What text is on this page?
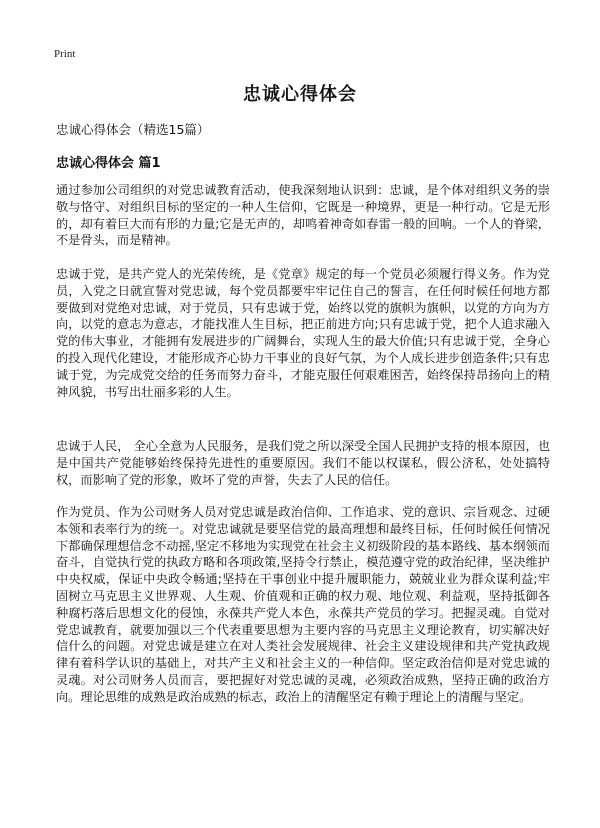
Print
忠诚心得体会
忠诚心得体会（精选15篇）
忠诚心得体会 篇1

通过参加公司组织的对党忠诚教育活动，使我深刻地认识到：忠诚，是个体对组织义务的崇敬与恪守、对组织目标的坚定的一种人生信仰，它既是一种境界，更是一种行动。它是无形的，却有着巨大而有形的力量;它是无声的，却鸣着神奇如春雷一般的回响。一个人的脊梁，不是骨头，而是精神。

忠诚于党，是共产党人的光荣传统，是《党章》规定的每一个党员必须履行得义务。作为党员，入党之日就宣誓对党忠诚，每个党员都要牢牢记住自己的誓言，在任何时候任何地方都要做到对党绝对忠诚，对于党员，只有忠诚于党，始终以党的旗帜为旗帜，以党的方向为方向，以党的意志为意志，才能找准人生目标，把正前进方向;只有忠诚于党，把个人追求融入党的伟大事业，才能拥有发展进步的广阔舞台，实现人生的最大价值;只有忠诚于党，全身心的投入现代化建设，才能形成齐心协力干事业的良好气氛，为个人成长进步创造条件;只有忠诚于党，为完成党交给的任务而努力奋斗，才能克服任何艰难困苦，始终保持昂扬向上的精神风貌，书写出壮丽多彩的人生。

忠诚于人民， 全心全意为人民服务，是我们党之所以深受全国人民拥护支持的根本原因，也是中国共产党能够始终保持先进性的重要原因。我们不能以权谋私，假公济私，处处搞特权，而影响了党的形象，败坏了党的声誉，失去了人民的信任。

作为党员、作为公司财务人员对党忠诚是政治信仰、工作追求、党的意识、宗旨观念、过硬本领和表率行为的统一。对党忠诚就是要坚信党的最高理想和最终目标，任何时候任何情况下都确保理想信念不动摇,坚定不移地为实现党在社会主义初级阶段的基本路线、基本纲领而奋斗，自觉执行党的执政方略和各项政策,坚持令行禁止，模范遵守党的政治纪律，坚决维护中央权威，保证中央政令畅通;坚持在干事创业中提升履职能力，兢兢业业为群众谋利益;牢固树立马克思主义世界观、人生观、价值观和正确的权力观、地位观、利益观，坚持抵御各种腐朽落后思想文化的侵蚀，永葆共产党人本色，永葆共产党员的学习。把握灵魂。自觉对党忠诚教育，就要加强以三个代表重要思想为主要内容的马克思主义理论教育，切实解决好信什么的问题。对党忠诚是建立在对人类社会发展规律、社会主义建设规律和共产党执政规律有着科学认识的基础上，对共产主义和社会主义的一种信仰。坚定政治信仰是对党忠诚的灵魂。对公司财务人员而言，要把握好对党忠诚的灵魂，必须政治成熟，坚持正确的政治方向。理论思维的成熟是政治成熟的标志，政治上的清醒坚定有赖于理论上的清醒与坚定。
